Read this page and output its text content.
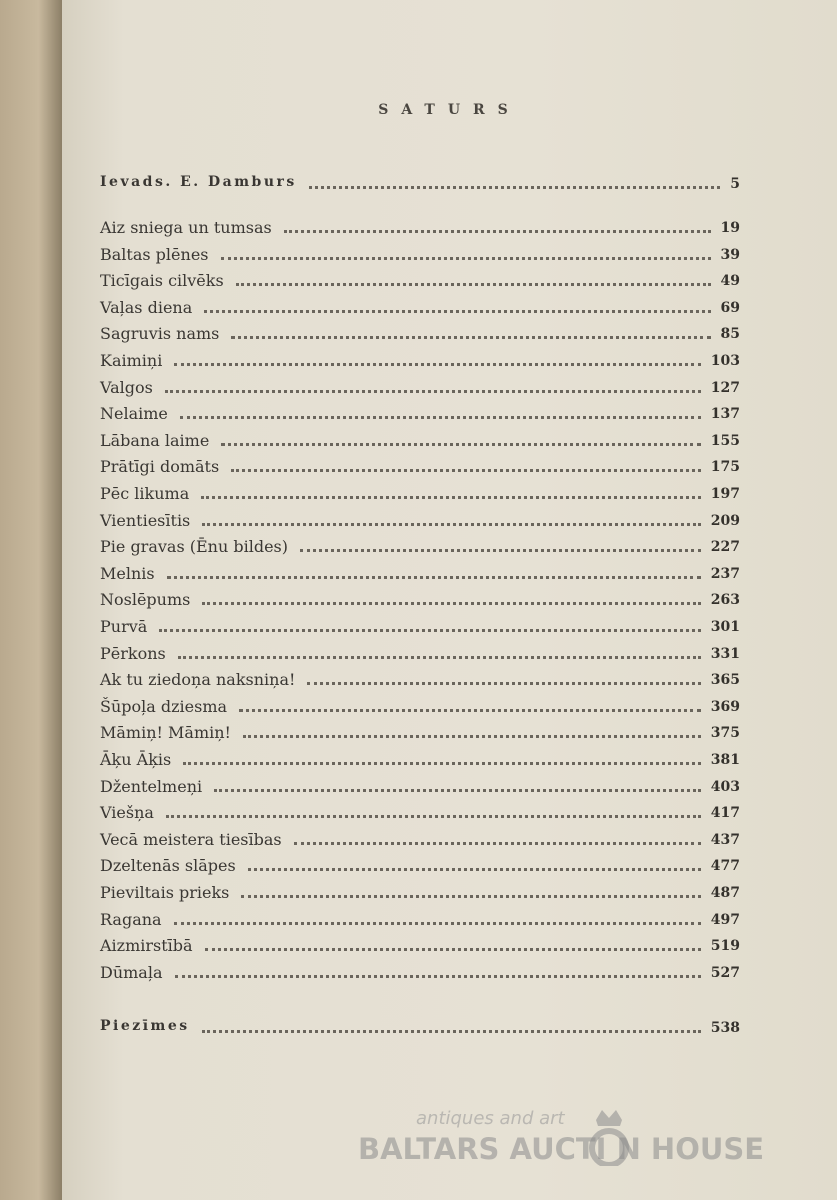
SATURS
Ievads. E. Damburs	5
Aiz sniega un tumsas	19
Baltas plēnes	39
Ticīgais cilvēks	49
Vaļas diena	69
Sagruvis nams	85
Kaimiņi	103
Valgos	127
Nelaime	137
Lābana laime	155
Prātīgi domāts	175
Pēc likuma	197
Vientiesītis	209
Pie gravas (Ēnu bildes)	227
Melnis	237
Noslēpums	263
Purvā	301
Pērkons	331
Ak tu ziedoņa naksniņa!	365
Šūpoļa dziesma	369
Māmiņ! Māmiņ!	375
Āķu Āķis	381
Džentelmeņi	403
Viešņa	417
Vecā meistera tiesības	437
Dzeltenās slāpes	477
Pieviltais prieks	487
Ragana	497
Aizmirstībā	519
Dūmaļa	527
Piezīmes	538
antiques and art
BALTARS AUCTI N HOUSE
